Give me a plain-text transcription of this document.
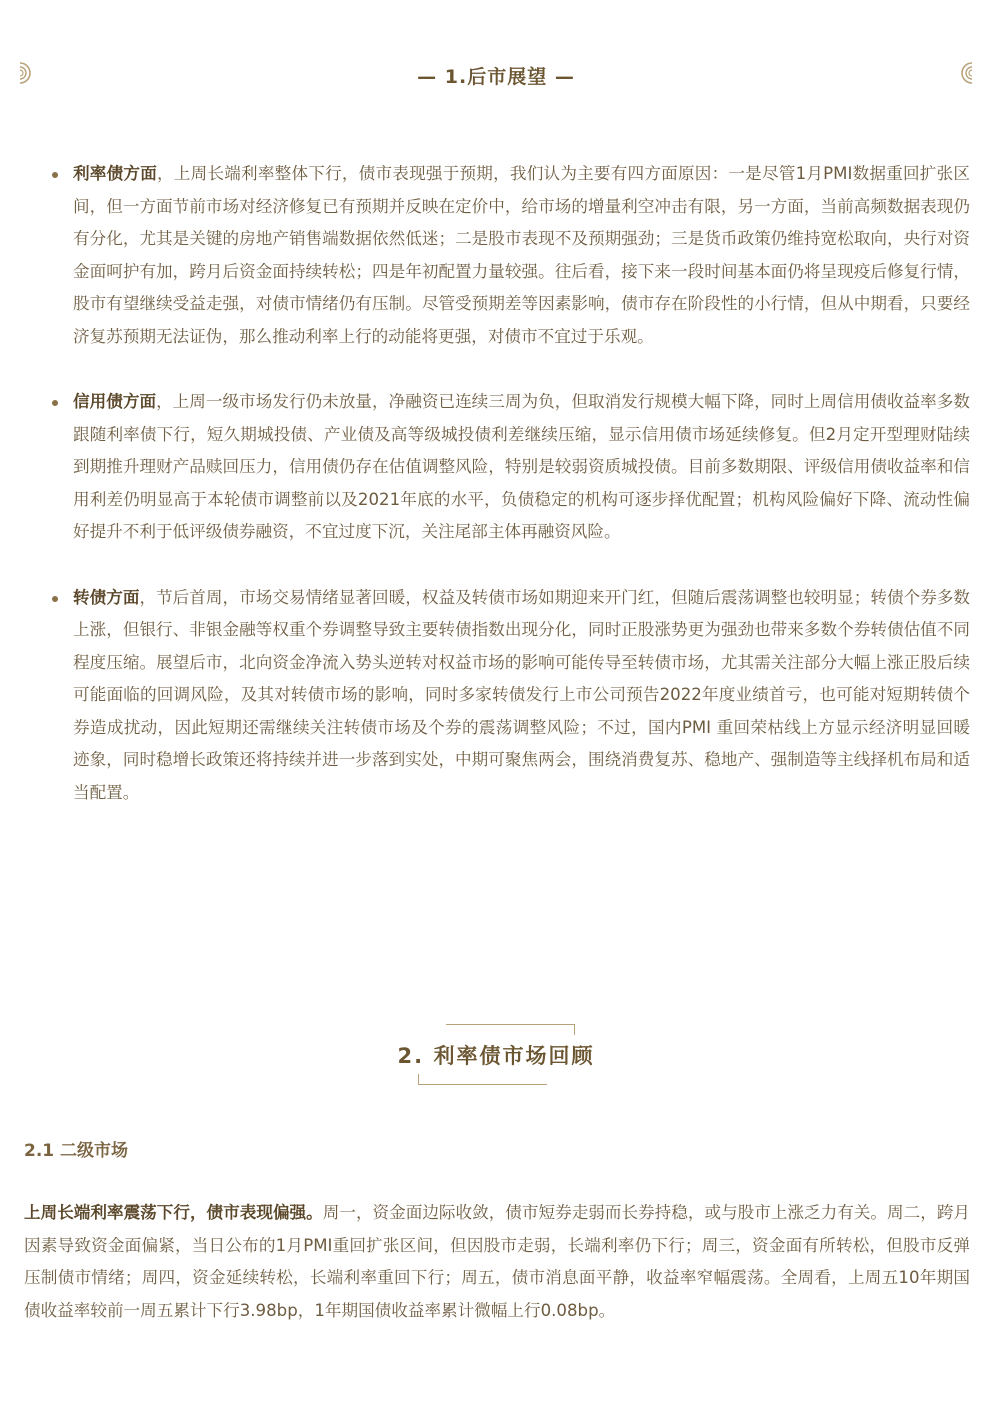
— 1.后市展望 —
利率债方面，上周长端利率整体下行，债市表现强于预期，我们认为主要有四方面原因：一是尽管1月PMI数据重回扩张区间，但一方面节前市场对经济修复已有预期并反映在定价中，给市场的增量利空冲击有限，另一方面，当前高频数据表现仍有分化，尤其是关键的房地产销售端数据依然低迷；二是股市表现不及预期强劲；三是货币政策仍维持宽松取向，央行对资金面呵护有加，跨月后资金面持续转松；四是年初配置力量较强。往后看，接下来一段时间基本面仍将呈现疫后修复行情，股市有望继续受益走强，对债市情绪仍有压制。尽管受预期差等因素影响，债市存在阶段性的小行情，但从中期看，只要经济复苏预期无法证伪，那么推动利率上行的动能将更强，对债市不宜过于乐观。
信用债方面，上周一级市场发行仍未放量，净融资已连续三周为负，但取消发行规模大幅下降，同时上周信用债收益率多数跟随利率债下行，短久期城投债、产业债及高等级城投债利差继续压缩，显示信用债市场延续修复。但2月定开型理财陆续到期推升理财产品赎回压力，信用债仍存在估值调整风险，特别是较弱资质城投债。目前多数期限、评级信用债收益率和信用利差仍明显高于本轮债市调整前以及2021年底的水平，负债稳定的机构可逐步择优配置；机构风险偏好下降、流动性偏好提升不利于低评级债券融资，不宜过度下沉，关注尾部主体再融资风险。
转债方面，节后首周，市场交易情绪显著回暖，权益及转债市场如期迎来开门红，但随后震荡调整也较明显；转债个券多数上涨，但银行、非银金融等权重个券调整导致主要转债指数出现分化，同时正股涨势更为强劲也带来多数个券转债估值不同程度压缩。展望后市，北向资金净流入势头逆转对权益市场的影响可能传导至转债市场，尤其需关注部分大幅上涨正股后续可能面临的回调风险，及其对转债市场的影响，同时多家转债发行上市公司预告2022年度业绩首亏，也可能对短期转债个券造成扰动，因此短期还需继续关注转债市场及个券的震荡调整风险；不过，国内PMI 重回荣枯线上方显示经济明显回暖迹象，同时稳增长政策还将持续并进一步落到实处，中期可聚焦两会，围绕消费复苏、稳地产、强制造等主线择机布局和适当配置。
2. 利率债市场回顾
2.1 二级市场

上周长端利率震荡下行，债市表现偏强。周一，资金面边际收敛，债市短券走弱而长券持稳，或与股市上涨乏力有关。周二，跨月因素导致资金面偏紧，当日公布的1月PMI重回扩张区间，但因股市走弱，长端利率仍下行；周三，资金面有所转松，但股市反弹压制债市情绪；周四，资金延续转松，长端利率重回下行；周五，债市消息面平静，收益率窄幅震荡。全周看，上周五10年期国债收益率较前一周五累计下行3.98bp，1年期国债收益率累计微幅上行0.08bp。
